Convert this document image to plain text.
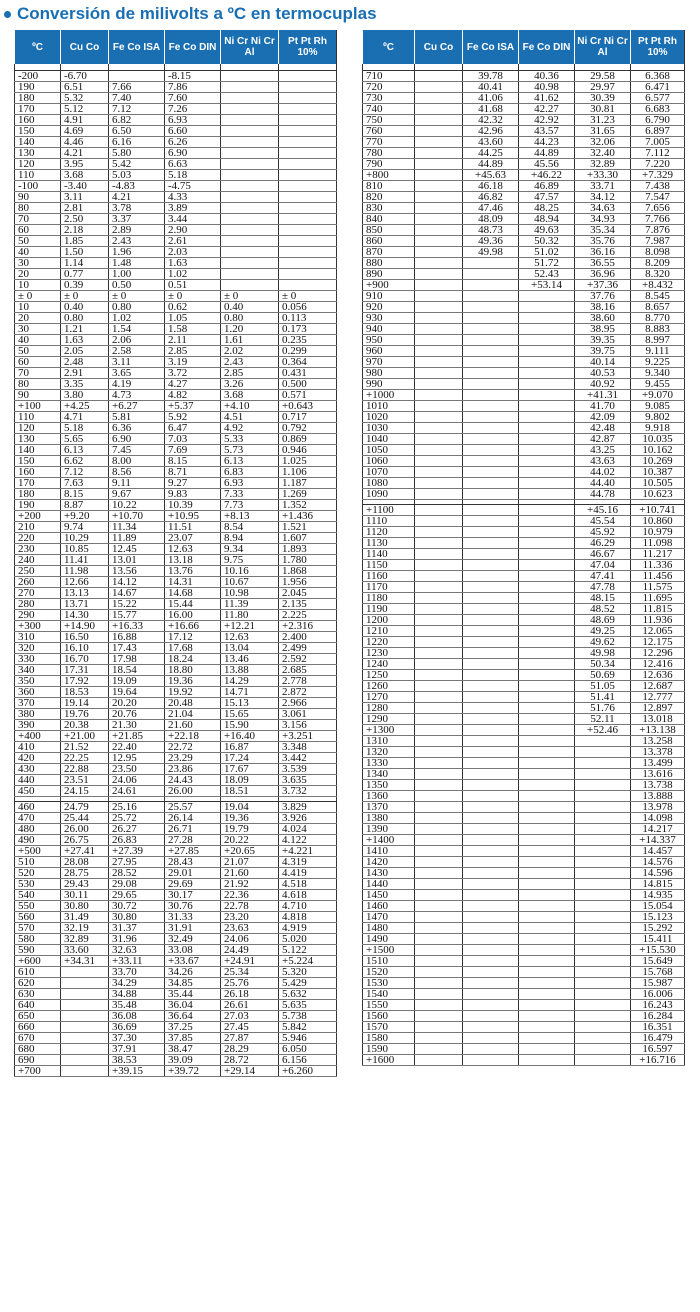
Conversión de milivolts a ºC en termocuplas
ºC	Cu Co	Fe Co ISA	Fe Co DIN	Ni Cr Ni Cr Al	Pt Pt Rh 10%

-200	-6.70		-8.15		
190	6.51	7.66	7.86		
180	5.32	7.40	7.60		
170	5.12	7.12	7.26		
160	4.91	6.82	6.93		
150	4.69	6.50	6.60		
140	4.46	6.16	6.26		
130	4.21	5.80	6.90		
120	3.95	5.42	6.63		
110	3.68	5.03	5.18		
-100	-3.40	-4.83	-4.75		
90	3.11	4.21	4.33		
80	2.81	3.78	3.89		
70	2.50	3.37	3.44		
60	2.18	2.89	2.90		
50	1.85	2.43	2.61		
40	1.50	1.96	2.03		
30	1.14	1.48	1.63		
20	0.77	1.00	1.02		
10	0.39	0.50	0.51		
± 0	± 0	± 0	± 0	± 0	± 0
10	0.40	0.80	0.62	0.40	0.056
20	0.80	1.02	1.05	0.80	0.113
30	1.21	1.54	1.58	1.20	0.173
40	1.63	2.06	2.11	1.61	0.235
50	2.05	2.58	2.85	2.02	0.299
60	2.48	3.11	3.19	2.43	0.364
70	2.91	3.65	3.72	2.85	0.431
80	3.35	4.19	4.27	3.26	0.500
90	3.80	4.73	4.82	3.68	0.571
+100	+4.25	+6.27	+5.37	+4.10	+0.643
110	4.71	5.81	5.92	4.51	0.717
120	5.18	6.36	6.47	4.92	0.792
130	5.65	6.90	7.03	5.33	0.869
140	6.13	7.45	7.69	5.73	0.946
150	6.62	8.00	8.15	6.13	1.025
160	7.12	8.56	8.71	6.83	1.106
170	7.63	9.11	9.27	6.93	1.187
180	8.15	9.67	9.83	7.33	1.269
190	8.87	10.22	10.39	7.73	1.352
+200	+9.20	+10.70	+10.95	+8.13	+1.436
210	9.74	11.34	11.51	8.54	1.521
220	10.29	11.89	23.07	8.94	1.607
230	10.85	12.45	12.63	9.34	1.893
240	11.41	13.01	13.18	9.75	1.780
250	11.98	13.56	13.76	10.16	1.868
260	12.66	14.12	14.31	10.67	1.956
270	13.13	14.67	14.68	10.98	2.045
280	13.71	15.22	15.44	11.39	2.135
290	14.30	15.77	16.00	11.80	2.225
+300	+14.90	+16.33	+16.66	+12.21	+2.316
310	16.50	16.88	17.12	12.63	2.400
320	16.10	17.43	17.68	13.04	2.499
330	16.70	17.98	18.24	13.46	2.592
340	17.31	18.54	18.80	13.88	2.685
350	17.92	19.09	19.36	14.29	2.778
360	18.53	19.64	19.92	14.71	2.872
370	19.14	20.20	20.48	15.13	2.966
380	19.76	20.76	21.04	15.65	3.061
390	20.38	21.30	21.60	15.90	3.156
+400	+21.00	+21.85	+22.18	+16.40	+3.251
410	21.52	22.40	22.72	16.87	3.348
420	22.25	12.95	23.29	17.24	3.442
430	22.88	23.50	23.86	17.67	3.539
440	23.51	24.06	24.43	18.09	3.635
450	24.15	24.61	26.00	18.51	3.732

460	24.79	25.16	25.57	19.04	3.829
470	25.44	25.72	26.14	19.36	3.926
480	26.00	26.27	26.71	19.79	4.024
490	26.75	26.83	27.28	20.22	4.122
+500	+27.41	+27.39	+27.85	+20.65	+4.221
510	28.08	27.95	28.43	21.07	4.319
520	28.75	28.52	29.01	21.60	4.419
530	29.43	29.08	29.69	21.92	4.518
540	30.11	29.65	30.17	22.36	4.618
550	30.80	30.72	30.76	22.78	4.710
560	31.49	30.80	31.33	23.20	4.818
570	32.19	31.37	31.91	23.63	4.919
580	32.89	31.96	32.49	24.06	5.020
590	33.60	32.63	33.08	24.49	5.122
+600	+34.31	+33.11	+33.67	+24.91	+5.224
610		33.70	34.26	25.34	5.320
620		34.29	34.85	25.76	5.429
630		34.88	35.44	26.18	5.632
640		35.48	36.04	26.61	5.635
650		36.08	36.64	27.03	5.738
660		36.69	37.25	27.45	5.842
670		37.30	37.85	27.87	5.946
680		37.91	38.47	28.29	6.050
690		38.53	39.09	28.72	6.156
+700		+39.15	+39.72	+29.14	+6.260
ºC	Cu Co	Fe Co ISA	Fe Co DIN	Ni Cr Ni Cr Al	Pt Pt Rh 10%

710		39.78	40.36	29.58	6.368
720		40.41	40.98	29.97	6.471
730		41.06	41.62	30.39	6.577
740		41.68	42.27	30.81	6.683
750		42.32	42.92	31.23	6.790
760		42.96	43.57	31.65	6.897
770		43.60	44.23	32.06	7.005
780		44.25	44.89	32.40	7.112
790		44.89	45.56	32.89	7.220
+800		+45.63	+46.22	+33.30	+7.329
810		46.18	46.89	33.71	7.438
820		46.82	47.57	34.12	7.547
830		47.46	48.25	34.63	7.656
840		48.09	48.94	34.93	7.766
850		48.73	49.63	35.34	7.876
860		49.36	50.32	35.76	7.987
870		49.98	51.02	36.16	8.098
880			51.72	36.55	8.209
890			52.43	36.96	8.320
+900			+53.14	+37.36	+8.432
910				37.76	8.545
920				38.16	8.657
930				38.60	8.770
940				38.95	8.883
950				39.35	8.997
960				39.75	9.111
970				40.14	9.225
980				40.53	9.340
990				40.92	9.455
+1000				+41.31	+9.070
1010				41.70	9.085
1020				42.09	9.802
1030				42.48	9.918
1040				42.87	10.035
1050				43.25	10.162
1060				43.63	10.269
1070				44.02	10.387
1080				44.40	10.505
1090				44.78	10.623

+1100				+45.16	+10.741
1110				45.54	10.860
1120				45.92	10.979
1130				46.29	11.098
1140				46.67	11.217
1150				47.04	11.336
1160				47.41	11.456
1170				47.78	11.575
1180				48.15	11.695
1190				48.52	11.815
1200				48.69	11.936
1210				49.25	12.065
1220				49.62	12.175
1230				49.98	12.296
1240				50.34	12.416
1250				50.69	12.636
1260				51.05	12.687
1270				51.41	12.777
1280				51.76	12.897
1290				52.11	13.018
+1300				+52.46	+13.138
1310					13.258
1320					13.378
1330					13.499
1340					13.616
1350					13.738
1360					13.888
1370					13.978
1380					14.098
1390					14.217
+1400					+14.337
1410					14.457
1420					14.576
1430					14.596
1440					14.815
1450					14.935
1460					15.054
1470					15.123
1480					15.292
1490					15.411
+1500					+15.530
1510					15.649
1520					15.768
1530					15.987
1540					16.006
1550					16.243
1560					16.284
1570					16.351
1580					16.479
1590					16.597
+1600					+16.716
